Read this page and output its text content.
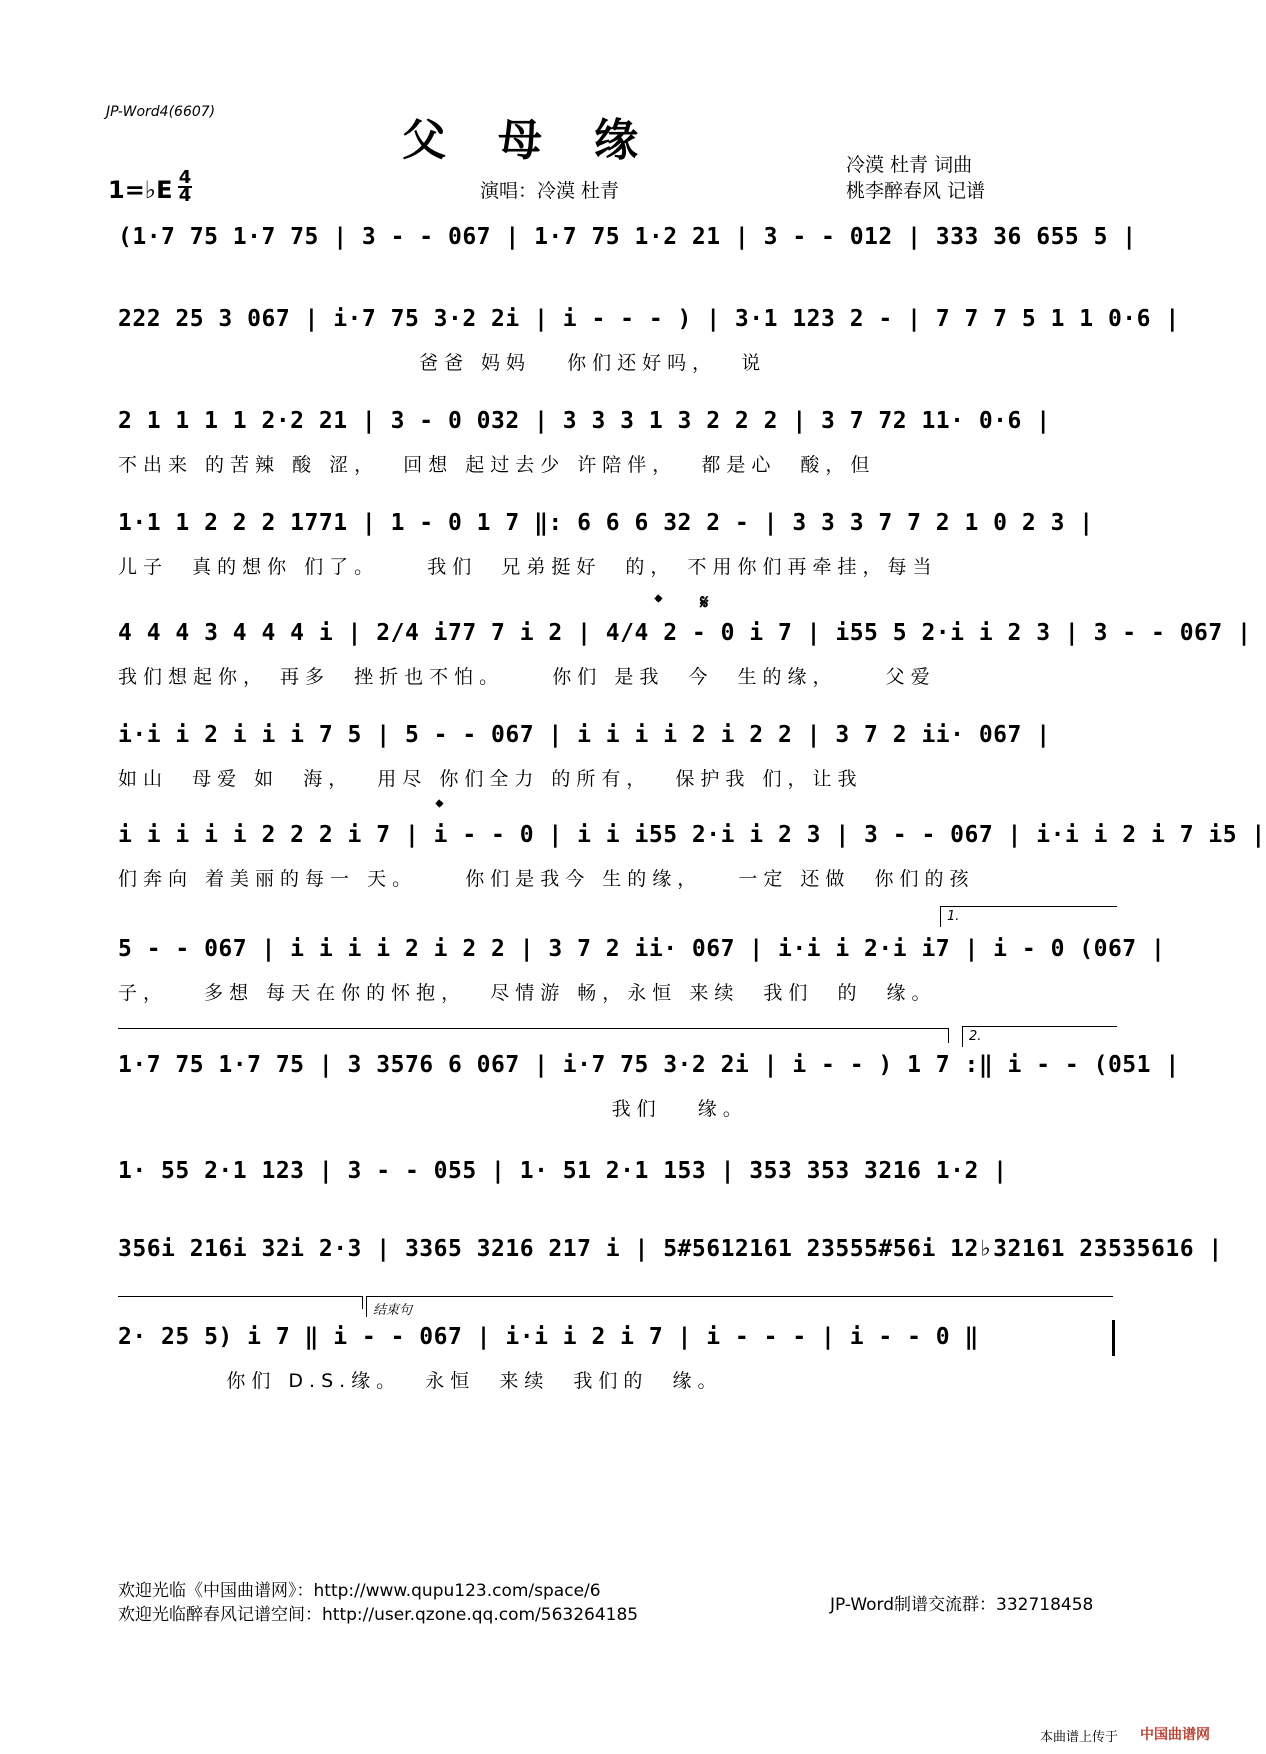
JP-Word4(6607)
父母缘	冷漠 杜青 词曲
桃李醉春风 记谱
演唱：冷漠 杜青
1=♭E 4
4
(1·7 75 1·7 75 | 3 - - 067 | 1·7 75 1·2 21 | 3 - - 012 | 333 36 655 5 |
222 25 3 067 | i·7 75 3·2 2i | i - - - ) | 3·1 123 2 - | 7 7 7 5 1 1 0·6 |
爸爸 妈妈   你们还好吗，  说
2 1 1 1 1 2·2 21 | 3 - 0 032 | 3 3 3 1 3 2 2 2 | 3 7 72 11· 0·6 |
不出来 的苦辣 酸 涩，  回想 起过去少 许陪伴，  都是心  酸，但
1·1 1 2 2 2 1771 | 1 - 0 1 7 ‖: 6 6 6 32 2 - | 3 3 3 7 7 2 1 0 2 3 |
儿子  真的想你 们了。    我们  兄弟挺好  的， 不用你们再牵挂，每当
4 4 4 3 4 4 4 i | 2/4 i77 7 i 2 | 4/4 2 - 0 i 7 | i55 5 2·i i 2 3 | 3 - - 067 |
我们想起你， 再多  挫折也不怕。    你们 是我  今  生的缘，    父爱
i·i i 2 i i i 7 5 | 5 - - 067 | i i i i 2 i 2 2 | 3 7 2 ii· 067 |
如山  母爱 如  海，  用尽 你们全力 的所有，  保护我 们，让我
i i i i i 2 2 2 i 7 | i - - 0 | i i i55 2·i i 2 3 | 3 - - 067 | i·i i 2 i 7 i5 |
们奔向 着美丽的每一 天。    你们是我今 生的缘，   一定 还做  你们的孩
5 - - 067 | i i i i 2 i 2 2 | 3 7 2 ii· 067 | i·i i 2·i i7 | i - 0 (067 |
子，   多想 每天在你的怀抱，  尽情游 畅，永恒 来续  我们  的  缘。
1·7 75 1·7 75 | 3 3576 6 067 | i·7 75 3·2 2i | i - - ) 1 7 :‖ i - - (051 |
我们   缘。
1· 55 2·1 123 | 3 - - 055 | 1· 51 2·1 153 | 353 353 3216 1·2 |
356i 216i 32i 2·3 | 3365 3216 217 i | 5#5612161 23555#56i 12♭32161 23535616 |
2· 25 5) i 7 ‖ i - - 067 | i·i i 2 i 7 | i - - - | i - - 0 ‖
你们 D.S.缘。  永恒  来续  我们的  缘。
𝄌 𝄋
𝄌
1.
2.
结束句
欢迎光临《中国曲谱网》：http://www.qupu123.com/space/6
欢迎光临醉春风记谱空间：http://user.qzone.qq.com/563264185	JP-Word制谱交流群：332718458
本曲谱上传于 中国曲谱网
